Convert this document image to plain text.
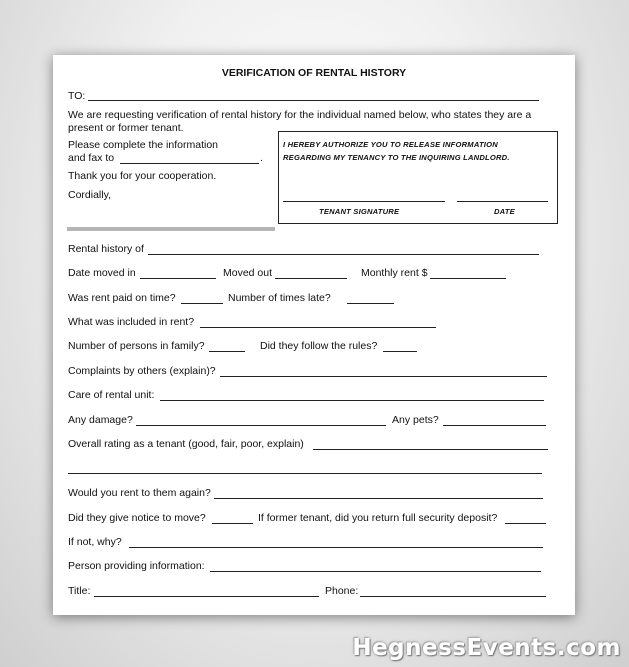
VERIFICATION OF RENTAL HISTORY
TO:
We are requesting verification of rental history for the individual named below, who states they are a
present or former tenant.
Please complete the information
and fax to	.
Thank you for your cooperation.
Cordially,
I HEREBY AUTHORIZE YOU TO RELEASE INFORMATION
REGARDING MY TENANCY TO THE INQUIRING LANDLORD.
TENANT SIGNATURE	DATE
Rental history of
Date moved in	Moved out	Monthly rent $
Was rent paid on time?	Number of times late?
What was included in rent?
Number of persons in family?	Did they follow the rules?
Complaints by others (explain)?
Care of rental unit:
Any damage?	Any pets?
Overall rating as a tenant (good, fair, poor, explain)
Would you rent to them again?
Did they give notice to move?	If former tenant, did you return full security deposit?
If not, why?
Person providing information:
Title:	Phone:
HegnessEvents.com
